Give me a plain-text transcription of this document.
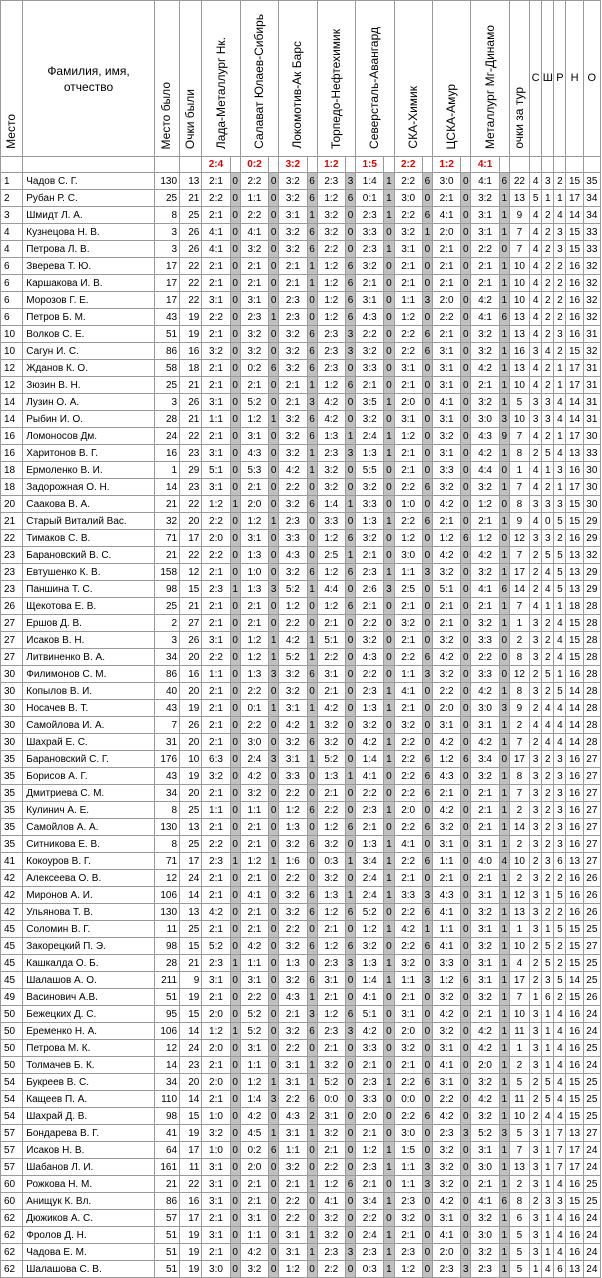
Место	Фамилия, имя, отчество	Место было	Очки были	Лада-Металлург Нк.		Салават Юлаев-Сибирь		Локомотив-Ак Барс		Торпедо-Нефтехимик		Северсталь-Авангард		СКА-Химик		ЦСКА-Амур		Металлург Мг-Динамо		очки за тур	С	Ш	Р	Н	О
				2:4		0:2		3:2		1:2		1:5		2:2		1:2		4:1							
1	Чадов С. Г.	130	13	2:1	0	2:2	0	3:2	6	2:3	3	1:4	1	2:2	6	3:0	0	4:1	6	22	4	3	2	15	35
2	Рубан Р. С.	25	21	2:2	0	1:1	0	3:2	6	1:2	6	0:1	1	3:0	0	2:1	0	3:2	1	13	5	1	1	17	34
3	Шмидт Л. А.	8	25	2:1	0	2:2	0	3:1	1	3:2	0	2:3	1	2:2	6	4:1	0	3:1	1	9	4	2	4	14	34
4	Кузнецова Н. В.	3	26	4:1	0	4:1	0	3:2	6	3:2	0	3:3	0	3:2	1	2:0	0	3:1	1	7	4	2	3	15	33
4	Петрова Л. В.	3	26	4:1	0	3:2	0	3:2	6	2:2	0	2:3	1	3:1	0	2:1	0	2:2	0	7	4	2	3	15	33
6	Зверева Т. Ю.	17	22	2:1	0	2:1	0	2:1	1	1:2	6	3:2	0	2:1	0	2:1	0	2:1	1	10	4	2	2	16	32
6	Каршакова И. В.	17	22	2:1	0	2:1	0	2:1	1	1:2	6	2:1	0	2:1	0	2:1	0	2:1	1	10	4	2	2	16	32
6	Морозов Г. Е.	17	22	3:1	0	3:1	0	2:3	0	1:2	6	3:1	0	1:1	3	2:0	0	4:2	1	10	4	2	2	16	32
6	Петров Б. М.	43	19	2:2	0	2:3	1	2:3	0	1:2	6	4:3	0	1:2	0	2:2	0	4:1	6	13	4	2	2	16	32
10	Волков С. Е.	51	19	2:1	0	3:2	0	3:2	6	2:3	3	2:2	0	2:2	6	2:1	0	3:2	1	13	4	2	3	16	31
10	Сагун И. С.	86	16	3:2	0	3:2	0	3:2	6	2:3	3	3:2	0	2:2	6	3:1	0	3:2	1	16	3	4	2	15	32
12	Жданов К. О.	58	18	2:1	0	0:2	6	3:2	6	2:3	0	3:3	0	3:1	0	3:1	0	4:2	1	13	4	2	1	17	31
12	Зюзин В. Н.	25	21	2:1	0	2:1	0	2:1	1	1:2	6	2:1	0	2:1	0	3:1	0	2:1	1	10	4	2	1	17	31
14	Лузин О. А.	3	26	3:1	0	5:2	0	2:1	3	4:2	0	3:5	1	2:0	0	4:1	0	3:2	1	5	3	3	4	14	31
14	Рыбин И. О.	28	21	1:1	0	1:2	1	3:2	6	4:2	0	3:2	0	3:1	0	3:1	0	3:0	3	10	3	3	4	14	31
16	Ломоносов Дм.	24	22	2:1	0	3:1	0	3:2	6	1:3	1	2:4	1	1:2	0	3:2	0	4:3	9	7	4	2	1	17	30
16	Харитонов В. Г.	16	23	3:1	0	4:3	0	3:2	1	2:3	3	1:3	1	2:1	0	3:1	0	4:2	1	8	2	5	4	13	33
18	Ермоленко В. И.	1	29	5:1	0	5:3	0	4:2	1	3:2	0	5:5	0	2:1	0	3:3	0	4:4	0	1	4	1	3	16	30
18	Задорожная О. Н.	14	23	3:1	0	2:1	0	2:2	0	3:2	0	3:2	0	2:2	6	3:2	0	3:2	1	7	4	2	1	17	30
20	Саакова В. А.	21	22	1:2	1	2:0	0	3:2	6	1:4	1	3:3	0	1:0	0	4:2	0	1:2	0	8	3	3	3	15	30
21	Старый Виталий Вас.	32	20	2:2	0	1:2	1	2:3	0	3:3	0	1:3	1	2:2	6	2:1	0	2:1	1	9	4	0	5	15	29
22	Тимаков С. В.	71	17	2:0	0	3:1	0	3:3	0	1:2	6	3:2	0	1:2	0	1:2	6	1:2	0	12	3	3	2	16	29
23	Барановский В. С.	21	22	2:2	0	1:3	0	4:3	0	2:5	1	2:1	0	3:0	0	4:2	0	4:2	1	7	2	5	5	13	32
23	Евтушенко К. В.	158	12	2:1	0	1:0	0	3:2	6	1:2	6	2:3	1	1:1	3	3:2	0	3:2	1	17	2	4	5	13	29
23	Паншина Т. С.	98	15	2:3	1	1:3	3	5:2	1	4:4	0	2:6	3	2:5	0	5:1	0	4:1	6	14	2	4	5	13	29
26	Щекотова Е. В.	25	21	2:1	0	2:1	0	1:2	0	1:2	6	2:1	0	2:1	0	2:1	0	2:1	1	7	4	1	1	18	28
27	Ершов Д. В.	2	27	2:1	0	2:1	0	2:2	0	2:1	0	2:2	0	3:2	0	2:1	0	3:2	1	1	3	2	4	15	28
27	Исаков В. Н.	3	26	3:1	0	1:2	1	4:2	1	5:1	0	3:2	0	2:1	0	3:2	0	3:3	0	2	3	2	4	15	28
27	Литвиненко В. А.	34	20	2:2	0	1:2	1	5:2	1	2:2	0	4:3	0	2:2	6	4:2	0	2:2	0	8	3	2	4	15	28
30	Филимонов С. М.	86	16	1:1	0	1:3	3	3:2	6	3:1	0	2:2	0	1:1	3	3:2	0	3:3	0	12	2	5	1	16	28
30	Копылов В. И.	40	20	2:1	0	2:2	0	3:2	0	2:1	0	2:3	1	4:1	0	2:2	0	4:2	1	8	3	2	5	14	28
30	Носачев В. Т.	43	19	2:1	0	0:1	1	3:1	1	4:2	0	1:3	1	2:1	0	2:0	0	3:0	3	9	2	4	4	14	28
30	Самойлова И. А.	7	26	2:1	0	2:2	0	4:2	1	3:2	0	3:2	0	3:2	0	3:1	0	3:1	1	2	4	4	4	14	28
30	Шахрай Е. С.	31	20	2:1	0	3:0	0	3:2	6	3:2	0	4:2	1	2:2	0	4:2	0	4:2	1	7	2	4	4	14	28
35	Барановский С. Г.	176	10	6:3	0	2:4	3	3:1	1	5:2	0	1:4	1	2:2	6	1:2	6	3:4	0	17	3	2	3	16	27
35	Борисов А. Г.	43	19	3:2	0	4:2	0	3:3	0	1:3	1	4:1	0	2:2	6	4:3	0	3:2	1	8	3	2	3	16	27
35	Дмитриева С. М.	34	20	2:1	0	3:2	0	2:2	0	2:1	0	2:2	0	2:2	6	2:1	0	2:1	1	7	3	2	3	16	27
35	Кулинич А. Е.	8	25	1:1	0	1:1	0	1:2	6	2:2	0	2:3	1	2:0	0	4:2	0	2:1	1	2	3	2	3	16	27
35	Самойлов А. А.	130	13	2:1	0	2:1	0	1:3	0	1:2	6	2:1	0	2:2	6	3:2	0	2:1	1	14	3	2	3	16	27
35	Ситникова Е. В.	8	25	2:2	0	2:1	0	3:2	6	3:2	0	1:3	1	4:1	0	3:1	0	3:1	1	2	3	2	3	16	27
41	Кокоуров В. Г.	71	17	2:3	1	1:2	1	1:6	0	0:3	1	3:4	1	2:2	6	1:1	0	4:0	4	10	2	3	6	13	27
42	Алексеева О. В.	12	24	2:1	0	2:1	0	2:2	0	3:2	0	2:4	1	2:1	0	2:1	0	2:1	1	2	3	2	2	16	26
42	Миронов А. И.	106	14	2:1	0	4:1	0	3:2	6	1:3	1	2:4	1	3:3	3	4:3	0	3:1	1	12	3	1	5	16	26
42	Ульянова Т. В.	130	13	4:2	0	2:1	0	3:2	6	1:2	6	5:2	0	2:2	6	4:1	0	3:2	1	13	3	2	2	16	26
45	Соломин В. Г.	11	25	2:1	0	2:1	0	2:2	0	2:1	0	1:2	1	4:2	1	1:1	0	3:1	1	1	3	1	5	15	25
45	Закорецкий П. Э.	98	15	5:2	0	4:2	0	3:2	6	1:2	6	3:2	0	2:2	6	4:1	0	3:2	1	10	2	5	2	15	27
45	Кашкалда О. Б.	28	21	2:3	1	1:1	0	1:3	0	2:3	3	1:3	1	3:2	0	3:3	0	3:1	1	4	2	5	2	15	25
45	Шалашов А. О.	211	9	3:1	0	3:1	0	3:2	6	3:1	0	1:4	1	1:1	3	1:2	6	3:1	1	17	2	3	5	14	25
49	Васинович А.В.	51	19	2:1	0	2:2	0	4:3	1	2:1	0	4:1	0	2:1	0	3:2	0	3:2	1	7	1	6	2	15	26
50	Бежецких Д. С.	95	15	2:0	0	5:2	0	2:1	3	1:2	6	5:1	0	3:1	0	4:2	0	2:1	1	10	3	1	4	16	24
50	Еременко Н. А.	106	14	1:2	1	5:2	0	3:2	6	2:3	3	4:2	0	2:0	0	3:2	0	4:2	1	11	3	1	4	16	24
50	Петрова М. К.	12	24	2:0	0	3:1	0	2:2	0	2:1	0	3:3	0	3:2	0	3:1	0	4:2	1	1	3	1	4	16	25
50	Толмачев Б. К.	14	23	2:1	0	1:1	0	3:1	1	3:2	0	2:1	0	2:1	0	4:1	0	2:0	1	2	3	1	4	16	24
54	Букреев В. С.	34	20	2:0	0	1:2	1	3:1	1	5:2	0	2:3	1	2:2	6	3:1	0	3:2	1	5	2	5	4	15	25
54	Кащеев П. А.	110	14	2:1	0	1:4	3	2:2	6	0:0	0	3:3	0	0:0	0	2:2	0	4:2	1	11	2	5	4	15	25
54	Шахрай Д. В.	98	15	1:0	0	4:2	0	4:3	2	3:1	0	2:0	0	2:2	6	4:2	0	3:2	1	10	2	4	4	15	25
57	Бондарева В. Г.	41	19	3:2	0	4:5	1	3:1	1	3:2	0	2:1	0	3:0	0	2:3	3	5:2	3	5	3	1	7	13	27
57	Исаков Н. В.	64	17	1:0	0	0:2	6	1:1	0	2:1	0	1:2	1	1:5	0	3:2	0	3:1	1	7	3	1	7	17	24
57	Шабанов Л. И.	161	11	3:1	0	2:0	0	3:2	0	2:2	0	2:3	1	1:1	3	3:2	0	3:0	1	13	3	1	7	17	24
60	Рожкова Н. М.	21	22	3:1	0	2:1	0	2:1	1	1:2	6	2:1	0	1:1	3	3:2	0	2:1	1	2	3	1	4	16	25
60	Анищук К. Вл.	86	16	3:1	0	2:1	0	2:2	0	4:1	0	3:4	1	2:3	0	4:2	0	4:1	6	8	2	3	3	15	25
62	Дюжиков А. С.	57	17	2:1	0	3:1	0	2:2	0	3:2	0	2:2	0	3:2	0	3:1	0	3:2	1	6	3	1	4	16	24
62	Фролов Д. Н.	51	19	3:1	0	1:1	0	3:1	1	3:2	0	2:4	1	2:1	0	4:1	0	3:0	1	5	3	1	4	16	24
62	Чадова Е. М.	51	19	2:1	0	4:2	0	3:1	1	2:3	3	2:3	1	2:3	0	2:0	0	3:2	1	5	3	1	4	16	24
62	Шалашова С. В.	51	19	3:0	0	3:2	0	1:2	0	2:2	0	0:3	1	1:2	0	2:3	3	2:3	1	5	1	4	6	13	24
